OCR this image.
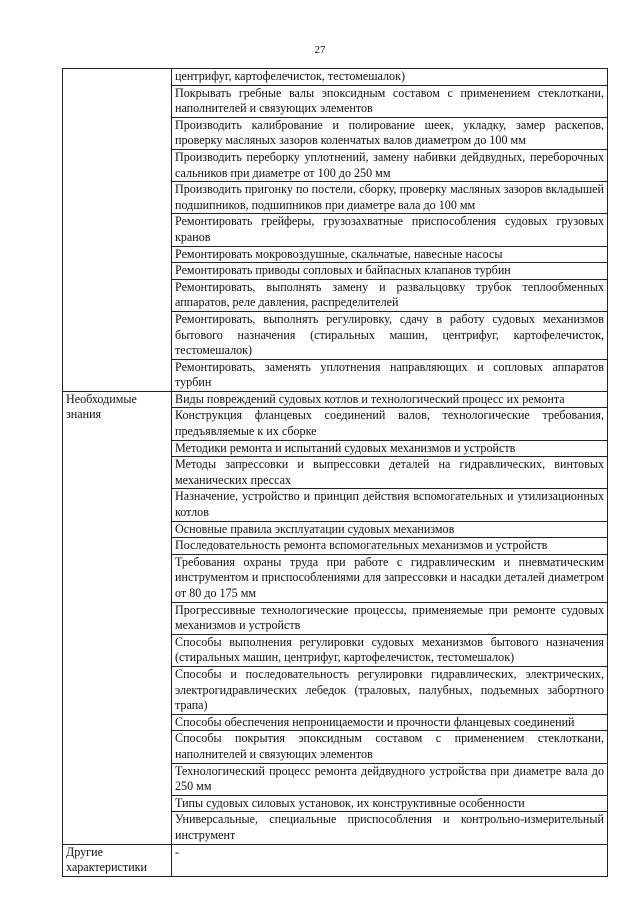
27
	центрифуг, картофелечисток, тестомешалок)
	Покрывать гребные валы эпоксидным составом с применением стеклоткани, наполнителей и связующих элементов
	Производить калибрование и полирование шеек, укладку, замер раскепов, проверку масляных зазоров коленчатых валов диаметром до 100 мм
	Производить переборку уплотнений, замену набивки дейдвудных, переборочных сальников при диаметре от 100 до 250 мм
	Производить пригонку по постели, сборку, проверку масляных зазоров вкладышей подшипников, подшипников при диаметре вала до 100 мм
	Ремонтировать грейферы, грузозахватные приспособления судовых грузовых кранов
	Ремонтировать мокровоздушные, скальчатые, навесные насосы
	Ремонтировать приводы сопловых и байпасных клапанов турбин
	Ремонтировать, выполнять замену и развальцовку трубок теплообменных аппаратов, реле давления, распределителей
	Ремонтировать, выполнять регулировку, сдачу в работу судовых механизмов бытового назначения (стиральных машин, центрифуг, картофелечисток, тестомешалок)
	Ремонтировать, заменять уплотнения направляющих и сопловых аппаратов турбин
Необходимые знания	Виды повреждений судовых котлов и технологический процесс их ремонта
	Конструкция фланцевых соединений валов, технологические требования, предъявляемые к их сборке
	Методики ремонта и испытаний судовых механизмов и устройств
	Методы запрессовки и выпрессовки деталей на гидравлических, винтовых механических прессах
	Назначение, устройство и принцип действия вспомогательных и утилизационных котлов
	Основные правила эксплуатации судовых механизмов
	Последовательность ремонта вспомогательных механизмов и устройств
	Требования охраны труда при работе с гидравлическим и пневматическим инструментом и приспособлениями для запрессовки и насадки деталей диаметром от 80 до 175 мм
	Прогрессивные технологические процессы, применяемые при ремонте судовых механизмов и устройств
	Способы выполнения регулировки судовых механизмов бытового назначения (стиральных машин, центрифуг, картофелечисток, тестомешалок)
	Способы и последовательность регулировки гидравлических, электрических, электрогидравлических лебедок (траловых, палубных, подъемных забортного трапа)
	Способы обеспечения непроницаемости и прочности фланцевых соединений
	Способы покрытия эпоксидным составом с применением стеклоткани, наполнителей и связующих элементов
	Технологический процесс ремонта дейдвудного устройства при диаметре вала до 250 мм
	Типы судовых силовых установок, их конструктивные особенности
	Универсальные, специальные приспособления и контрольно-измерительный инструмент
Другие характеристики	-
